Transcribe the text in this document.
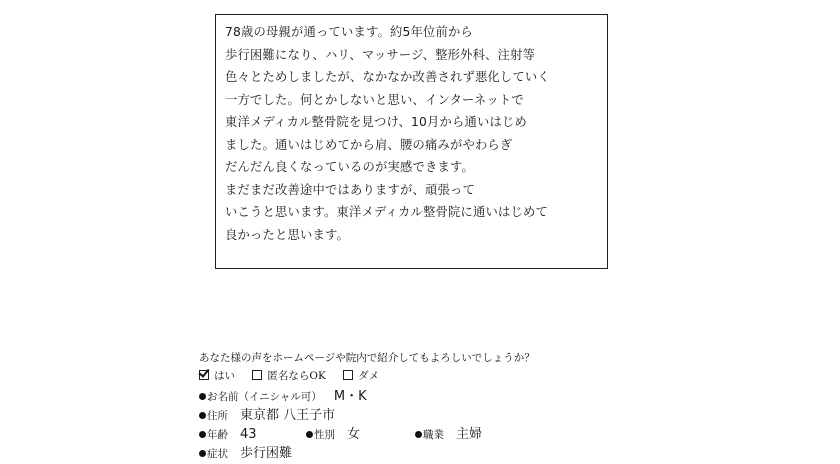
78歳の母親が通っています。約5年位前から
歩行困難になり、ハリ、マッサージ、整形外科、注射等
色々とためしましたが、なかなか改善されず悪化していく
一方でした。何とかしないと思い、インターネットで
東洋メディカル整骨院を見つけ、10月から通いはじめ
ました。通いはじめてから肩、腰の痛みがやわらぎ
だんだん良くなっているのが実感できます。
まだまだ改善途中ではありますが、頑張って
いこうと思います。東洋メディカル整骨院に通いはじめて
良かったと思います。
あなた様の声をホームページや院内で紹介してもよろしいでしょうか？
はい	匿名ならOK	ダメ
お名前（イニシャル可） M・K
住所 東京都 八王子市
年齢 43	性別 女	職業 主婦
症状 歩行困難
